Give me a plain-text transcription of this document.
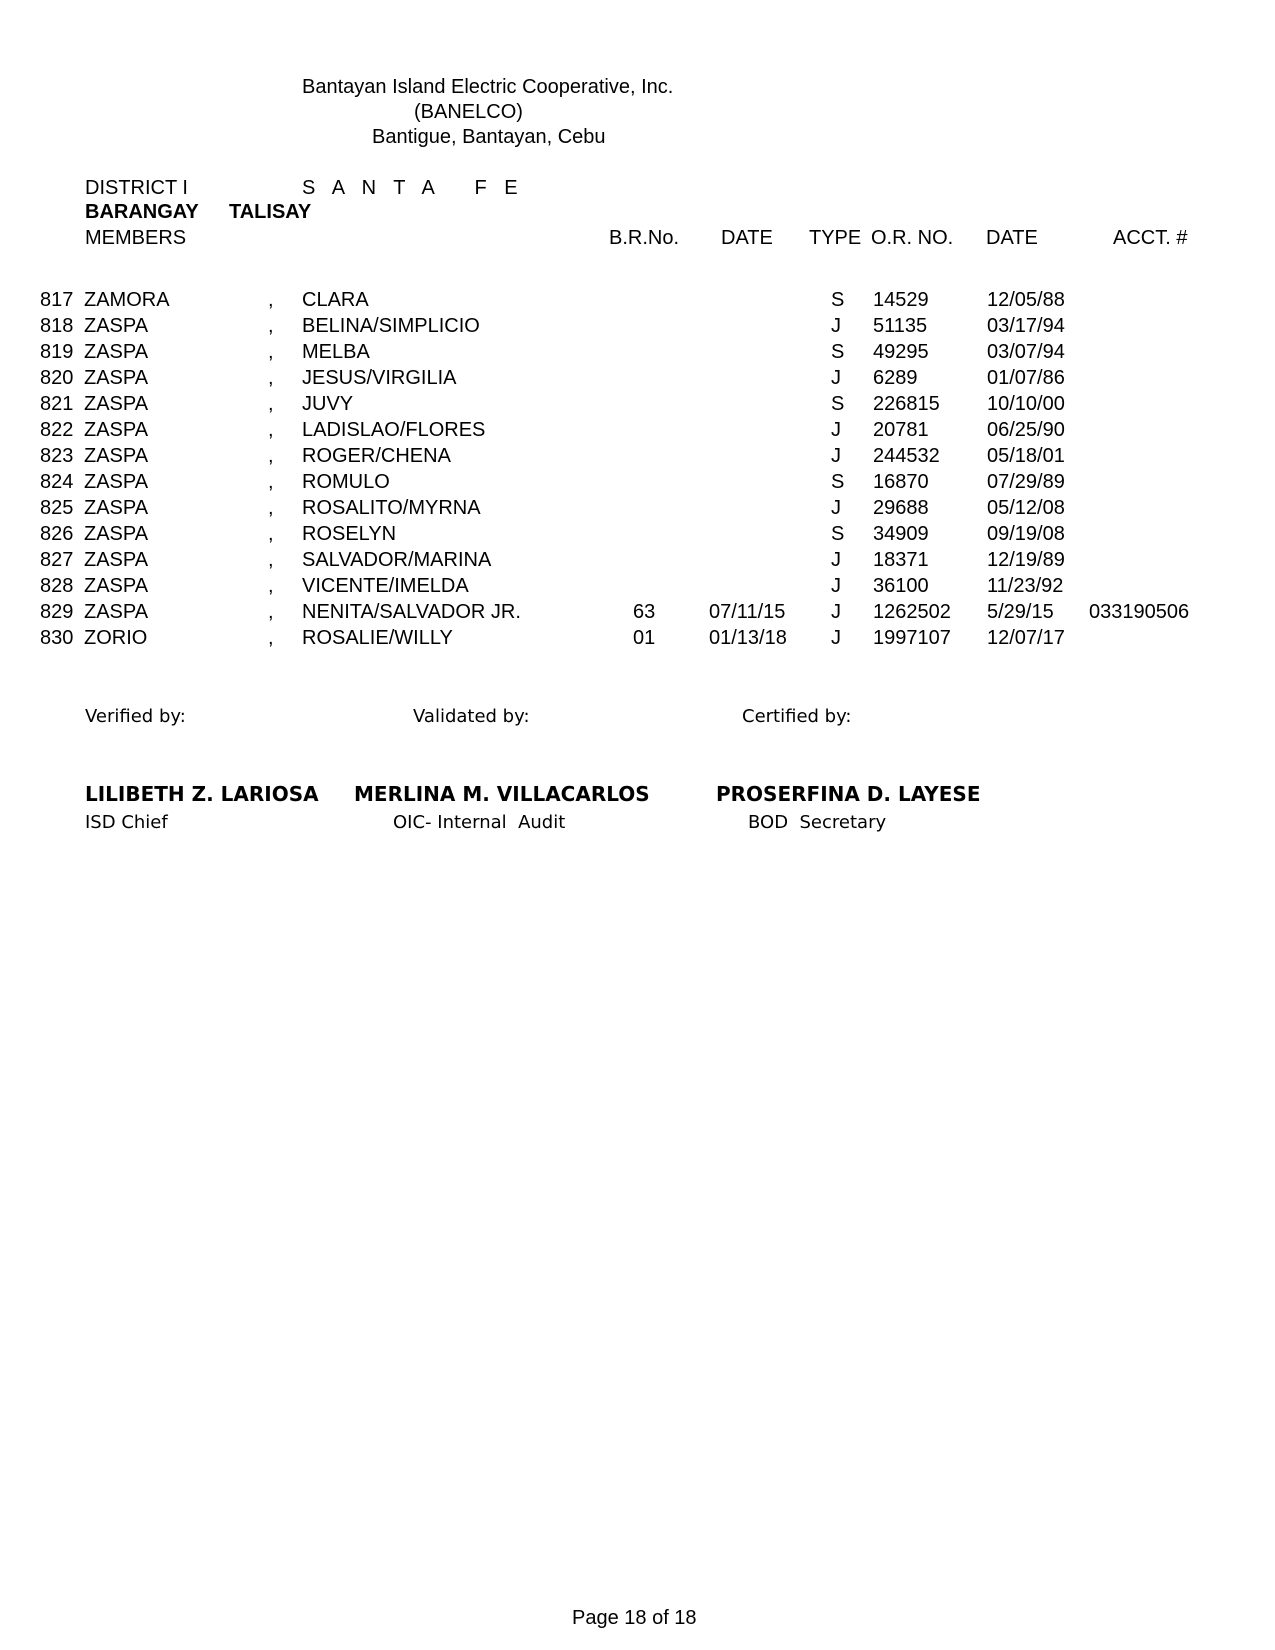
Bantayan Island Electric Cooperative, Inc.
(BANELCO)
Bantigue, Bantayan, Cebu
DISTRICT I	S A N T A   F E
BARANGAY TALISAY
MEMBERS	B.R.No. DATE TYPE O.R. NO. DATE	ACCT. #
817 ZAMORA	, CLARA	S 14529	12/05/88
818 ZASPA	, BELINA/SIMPLICIO	J 51135	03/17/94
819 ZASPA	, MELBA	S 49295	03/07/94
820 ZASPA	, JESUS/VIRGILIA	J 6289	01/07/86
821 ZASPA	, JUVY	S 226815 10/10/00
822 ZASPA	, LADISLAO/FLORES	J 20781	06/25/90
823 ZASPA	, ROGER/CHENA	J 244532 05/18/01
824 ZASPA	, ROMULO	S 16870	07/29/89
825 ZASPA	, ROSALITO/MYRNA	J 29688	05/12/08
826 ZASPA	, ROSELYN	S 34909	09/19/08
827 ZASPA	, SALVADOR/MARINA	J 18371	12/19/89
828 ZASPA	, VICENTE/IMELDA	J 36100	11/23/92
829 ZASPA	, NENITA/SALVADOR JR.	63	07/11/15 J 1262502 5/29/15 033190506
830 ZORIO	, ROSALIE/WILLY	01	01/13/18 J 1997107 12/07/17
Verified by:	Validated by:	Certified by:
LILIBETH Z. LARIOSA MERLINA M. VILLACARLOS	PROSERFINA D. LAYESE
ISD Chief	OIC- Internal  Audit	BOD  Secretary
Page 18 of 18
